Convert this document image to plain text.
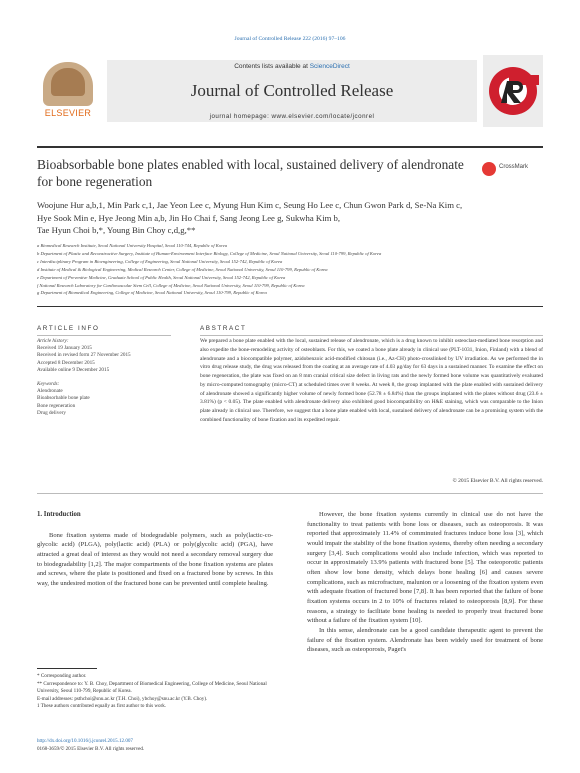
Journal of Controlled Release 222 (2016) 97–106
ELSEVIER
Contents lists available at ScienceDirect
Journal of Controlled Release
journal homepage: www.elsevier.com/locate/jconrel
Bioabsorbable bone plates enabled with local, sustained delivery of alendronate for bone regeneration
CrossMark
Woojune Hur a,b,1, Min Park c,1, Jae Yeon Lee c, Myung Hun Kim c, Seung Ho Lee c, Chun Gwon Park d, Se-Na Kim c,
Hye Sook Min e, Hye Jeong Min a,b, Jin Ho Chai f, Sang Jeong Lee g, Sukwha Kim b,
Tae Hyun Choi b,*, Young Bin Choy c,d,g,**
a Biomedical Research Institute, Seoul National University Hospital, Seoul 110-744, Republic of Korea
b Department of Plastic and Reconstructive Surgery, Institute of Human-Environment Interface Biology, College of Medicine, Seoul National University, Seoul 110-799, Republic of Korea
c Interdisciplinary Program in Bioengineering, College of Engineering, Seoul National University, Seoul 152-742, Republic of Korea
d Institute of Medical & Biological Engineering, Medical Research Center, College of Medicine, Seoul National University, Seoul 110-799, Republic of Korea
e Department of Preventive Medicine, Graduate School of Public Health, Seoul National University, Seoul 152-742, Republic of Korea
f National Research Laboratory for Cardiovascular Stem Cell, College of Medicine, Seoul National University, Seoul 110-799, Republic of Korea
g Department of Biomedical Engineering, College of Medicine, Seoul National University, Seoul 110-799, Republic of Korea
ARTICLE INFO	ABSTRACT
Article history:
Received 19 January 2015
Received in revised form 27 November 2015
Accepted 8 December 2015
Available online 9 December 2015
Keywords:
Alendronate
Bioabsorbable bone plate
Bone regeneration
Drug delivery
We prepared a bone plate enabled with the local, sustained release of alendronate, which is a drug known to inhibit osteoclast-mediated bone resorption and also expedite the bone-remodeling activity of osteoblasts. For this, we coated a bone plate already in clinical use (PLT-1031, Inion, Finland) with a blend of alendronate and a biocompatible polymer, azidobenzoic acid-modified chitosan (i.e., Az-CH) photo-crosslinked by UV irradiation. As we performed the in vitro drug release study, the drug was released from the coating at an average rate of 4.03 μg/day for 63 days in a sustained manner. To examine the effect on bone regeneration, the plate was fixed on an 8 mm cranial critical size defect in living rats and the newly formed bone volume was quantitatively evaluated by micro-computed tomography (micro-CT) at scheduled times over 8 weeks. At week 8, the group implanted with the plate enabled with sustained delivery of alendronate showed a significantly higher volume of newly formed bone (52.78 ± 6.84%) than the groups implanted with the plates without drug (23.6 ± 3.81%) (p < 0.05). The plate enabled with alendronate delivery also exhibited good biocompatibility on H&E staining, which was comparable to the Inion plate already in clinical use. Therefore, we suggest that a bone plate enabled with local, sustained delivery of alendronate can be a promising system with the combined functionality of bone fixation and its expedited repair.
© 2015 Elsevier B.V. All rights reserved.
1. Introduction

Bone fixation systems made of biodegradable polymers, such as poly(lactic-co-glycolic acid) (PLGA), poly(lactic acid) (PLA) or poly(glycolic acid) (PGA), have attracted a great deal of interest as they would not need a secondary removal surgery due to biodegradability [1,2]. The major compartments of the bone fixation systems are plates and screws, where the plate is positioned and fixed on a fractured bone by screws. In this way, the undesired motion of the fractured bone can be prevented until complete healing.

However, the bone fixation systems currently in clinical use do not have the functionality to treat patients with bone loss or diseases, such as osteoporosis. It was reported that approximately 11.4% of comminuted fractures induce bone loss [3], which would impair the stability of the bone fixation systems, thereby often needing a secondary surgery [3,4]. Such complications would also include infection, which was reported to occur in approximately 13.9% patients with fractured bone [5]. The osteoporotic patients often show low bone density, which delays bone healing [6] and causes severe complications, such as microfracture, malunion or a loosening of the fixation system even with adequate fixation of fractured bone [7,8]. It has been reported that the failure of bone fixation systems occurs in 2 to 10% of fractures related to osteoporosis [8,9]. For these reasons, a strategy to facilitate bone healing is needed to properly treat fractured bone without a failure of the fixation system [10].

In this sense, alendronate can be a good candidate therapeutic agent to prevent the failure of the fixation system. Alendronate has been widely used for treatment of bone diseases, such as osteoporosis, Paget's

* Corresponding author.
** Correspondence to: Y. B. Choy, Department of Biomedical Engineering, College of Medicine, Seoul National University, Seoul 110-799, Republic of Korea.
E-mail addresses: psthchoi@snu.ac.kr (T.H. Choi), ybchoy@snu.ac.kr (Y.B. Choy).
1 These authors contributed equally as first author to this work.
http://dx.doi.org/10.1016/j.jconrel.2015.12.007
0168-3659/© 2015 Elsevier B.V. All rights reserved.
